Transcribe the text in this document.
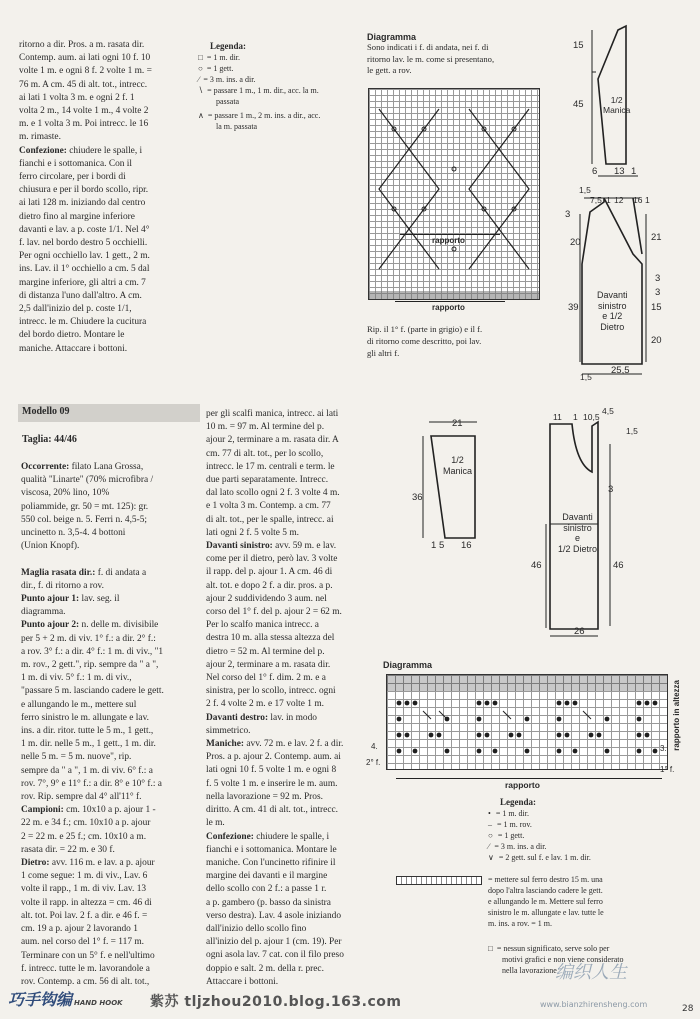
ritorno a dir. Pros. a m. rasata dir.
Contemp. aum. ai lati ogni 10 f. 10
volte 1 m. e ogni 8 f. 2 volte 1 m. =
76 m. A cm. 45 di alt. tot., intrecc.
ai lati 1 volta 3 m. e ogni 2 f. 1
volta 2 m., 14 volte 1 m., 4 volte 2
m. e 1 volta 3 m. Poi intrecc. le 16
m. rimaste.
Confezione: chiudere le spalle, i
fianchi e i sottomanica. Con il
ferro circolare, per i bordi di
chiusura e per il bordo scollo, ripr.
ai lati 128 m. iniziando dal centro
dietro fino al margine inferiore
davanti e lav. a p. coste 1/1. Nel 4°
f. lav. nel bordo destro 5 occhielli.
Per ogni occhiello lav. 1 gett., 2 m.
ins. Lav. il 1° occhiello a cm. 5 dal
margine inferiore, gli altri a cm. 7
di distanza l'uno dall'altro. A cm.
2,5 dall'inizio del p. coste 1/1,
intrecc. le m. Chiudere la cucitura
del bordo dietro. Montare le
maniche. Attaccare i bottoni.
Legenda:
□ = 1 m. dir.
○ = 1 gett.
⁄ = 3 m. ins. a dir.
∖ = passare 1 m., 1 m. dir., acc. la m.
passata
∧ = passare 1 m., 2 m. ins. a dir., acc.
la m. passata
Diagramma
Sono indicati i f. di andata, nei f. di
ritorno lav. le m. come si presentano,
le gett. a rov.
rapporto
rapporto
Rip. il 1° f. (parte in grigio) e il f.
di ritorno come descritto, poi lav.
gli altri f.
15
45	1/2
Manica
6 13 1
1,5
7,5 1 12 16 1
3
20
39
21
3
3
15
20
Davanti
sinistro
e 1/2
Dietro
25,5
1,5
Modello 09
Taglia: 44/46
Occorrente: filato Lana Grossa,
qualità "Linarte" (70% microfibra /
viscosa, 20% lino, 10%
poliammide, gr. 50 = mt. 125): gr.
550 col. beige n. 5. Ferri n. 4,5-5;
uncinetto n. 3,5-4. 4 bottoni
(Union Knopf).
Maglia rasata dir.: f. di andata a
dir., f. di ritorno a rov.
Punto ajour 1: lav. seg. il
diagramma.
Punto ajour 2: n. delle m. divisibile
per 5 + 2 m. di viv. 1° f.: a dir. 2° f.:
a rov. 3° f.: a dir. 4° f.: 1 m. di viv., "1
m. rov., 2 gett.", rip. sempre da " a ",
1 m. di viv. 5° f.: 1 m. di viv.,
"passare 5 m. lasciando cadere le gett.
e allungando le m., mettere sul
ferro sinistro le m. allungate e lav.
ins. a dir. ritor. tutte le 5 m., 1 gett.,
1 m. dir. nelle 5 m., 1 gett., 1 m. dir.
nelle 5 m. = 5 m. nuove", rip.
sempre da " a ", 1 m. di viv. 6° f.: a
rov. 7°, 9° e 11° f.: a dir. 8° e 10° f.: a
rov. Rip. sempre dal 4° all'11° f.
Campioni: cm. 10x10 a p. ajour 1 -
22 m. e 34 f.; cm. 10x10 a p. ajour
2 = 22 m. e 25 f.; cm. 10x10 a m.
rasata dir. = 22 m. e 30 f.
Dietro: avv. 116 m. e lav. a p. ajour
1 come segue: 1 m. di viv., Lav. 6
volte il rapp., 1 m. di viv. Lav. 13
volte il rapp. in altezza = cm. 46 di
alt. tot. Poi lav. 2 f. a dir. e 46 f. =
cm. 19 a p. ajour 2 lavorando 1
aum. nel corso del 1° f. = 117 m.
Terminare con un 5° f. e nell'ultimo
f. intrecc. tutte le m. lavorandole a
rov. Contemp. a cm. 56 di alt. tot.,
per gli scalfi manica, intrecc. ai lati
10 m. = 97 m. Al termine del p.
ajour 2, terminare a m. rasata dir. A
cm. 77 di alt. tot., per lo scollo,
intrecc. le 17 m. centrali e term. le
due parti separatamente. Intrecc.
dal lato scollo ogni 2 f. 3 volte 4 m.
e 1 volta 3 m. Contemp. a cm. 77
di alt. tot., per le spalle, intrecc. ai
lati ogni 2 f. 5 volte 5 m.
Davanti sinistro: avv. 59 m. e lav.
come per il dietro, però lav. 3 volte
il rapp. del p. ajour 1. A cm. 46 di
alt. tot. e dopo 2 f. a dir. pros. a p.
ajour 2 suddividendo 3 aum. nel
corso del 1° f. del p. ajour 2 = 62 m.
Per lo scalfo manica intrecc. a
destra 10 m. alla stessa altezza del
dietro = 52 m. Al termine del p.
ajour 2, terminare a m. rasata dir.
Nel corso del 1° f. dim. 2 m. e a
sinistra, per lo scollo, intrecc. ogni
2 f. 4 volte 2 m. e 17 volte 1 m.
Davanti destro: lav. in modo
simmetrico.
Maniche: avv. 72 m. e lav. 2 f. a dir.
Pros. a p. ajour 2. Contemp. aum. ai
lati ogni 10 f. 5 volte 1 m. e ogni 8
f. 5 volte 1 m. e inserire le m. aum.
nella lavorazione = 92 m. Pros.
diritto. A cm. 41 di alt. tot., intrecc.
le m.
Confezione: chiudere le spalle, i
fianchi e i sottomanica. Montare le
maniche. Con l'uncinetto rifinire il
margine dei davanti e il margine
dello scollo con 2 f.: a passe 1 r.
a p. gambero (p. basso da sinistra
verso destra). Lav. 4 asole iniziando
dall'inizio dello scollo fino
all'inizio del p. ajour 1 (cm. 19). Per
ogni asola lav. 7 cat. con il filo preso
doppio e salt. 2 m. della r. prec.
Attaccare i bottoni.
21
36
1/2
Manica
1 5 16
11 1 10,5
4,5
1,5
3
Davanti
sinistro
e
1/2 Dietro
46	46
26
Diagramma
4.
2° f.
3.
1° f.
rapporto in altezza
rapporto
Legenda:
• = 1 m. dir.
– = 1 m. rov.
○ = 1 gett.
⁄ = 3 m. ins. a dir.
∨ = 2 gett. sul f. e lav. 1 m. dir.
= mettere sul ferro destro 15 m. una
dopo l'altra lasciando cadere le gett.
e allungando le m. Mettere sul ferro
sinistro le m. allungate e lav. tutte le
m. ins. a rov. = 1 m.
□ = nessun significato, serve solo per
motivi grafici e non viene considerato
nella lavorazione
巧手钩编 HAND HOOK 紫苏 tljzhou2010.blog.163.com
编织人生
www.bianzhirensheng.com	28
